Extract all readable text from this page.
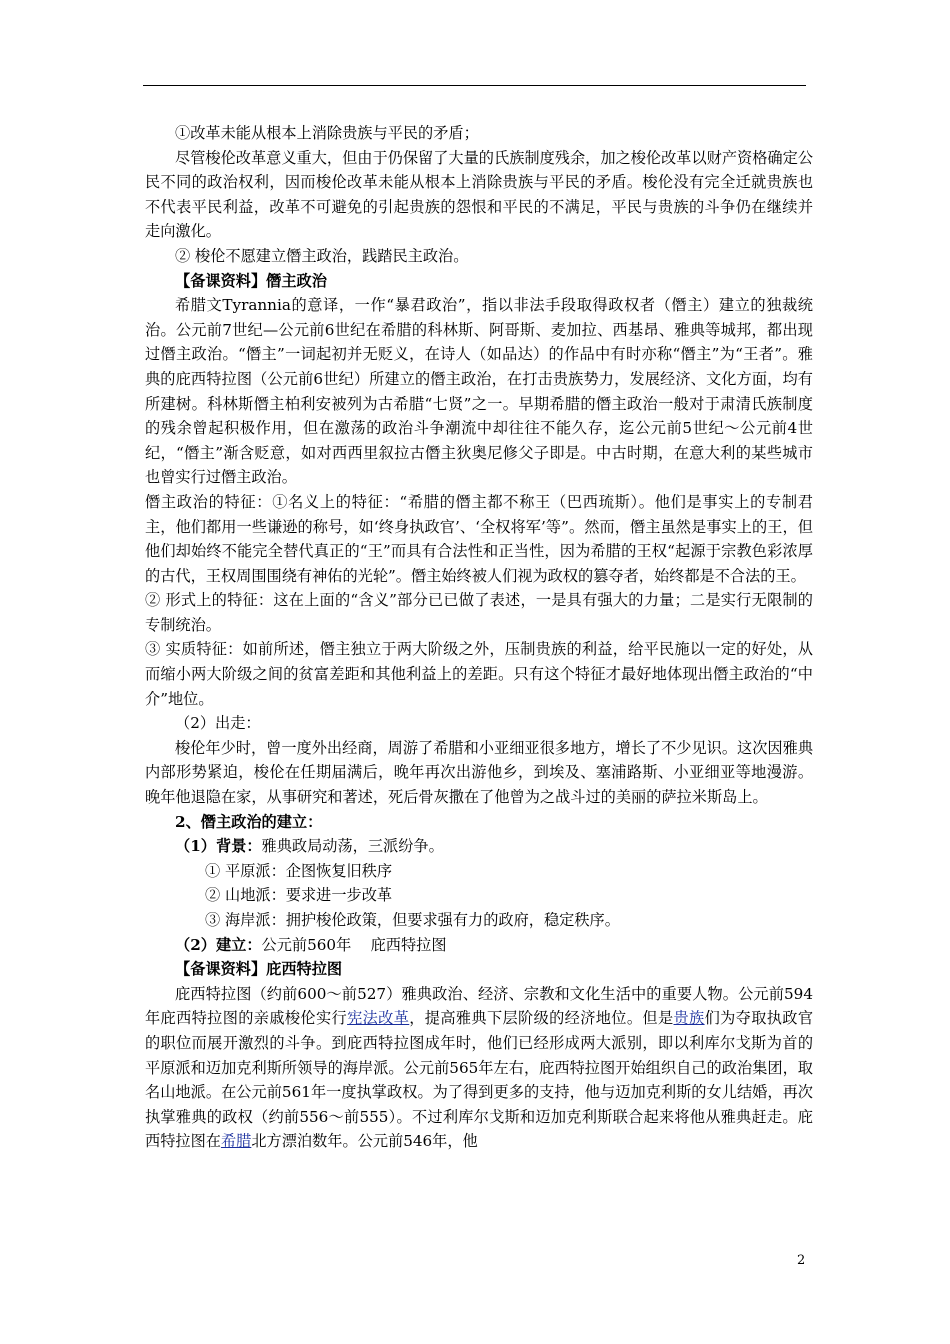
①改革未能从根本上消除贵族与平民的矛盾；

尽管梭伦改革意义重大，但由于仍保留了大量的氏族制度残余，加之梭伦改革以财产资格确定公民不同的政治权利，因而梭伦改革未能从根本上消除贵族与平民的矛盾。梭伦没有完全迁就贵族也不代表平民利益，改革不可避免的引起贵族的怨恨和平民的不满足，平民与贵族的斗争仍在继续并走向激化。

② 梭伦不愿建立僭主政治，践踏民主政治。

【备课资料】僭主政治

希腊文Tyrannia的意译，一作“暴君政治”，指以非法手段取得政权者（僭主）建立的独裁统治。公元前7世纪—公元前6世纪在希腊的科林斯、阿哥斯、麦加拉、西基昂、雅典等城邦，都出现过僭主政治。“僭主”一词起初并无贬义，在诗人（如品达）的作品中有时亦称“僭主”为“王者”。雅典的庇西特拉图（公元前6世纪）所建立的僭主政治，在打击贵族势力，发展经济、文化方面，均有所建树。科林斯僭主柏利安被列为古希腊“七贤”之一。早期希腊的僭主政治一般对于肃清氏族制度的残余曾起积极作用，但在激荡的政治斗争潮流中却往往不能久存，迄公元前5世纪～公元前4世纪，“僭主”渐含贬意，如对西西里叙拉古僭主狄奥尼修父子即是。中古时期，在意大利的某些城市也曾实行过僭主政治。

僭主政治的特征：①名义上的特征：“希腊的僭主都不称王（巴西琉斯）。他们是事实上的专制君主，他们都用一些谦逊的称号，如‘终身执政官’、‘全权将军’等”。然而，僭主虽然是事实上的王，但他们却始终不能完全替代真正的“王”而具有合法性和正当性，因为希腊的王权“起源于宗教色彩浓厚的古代，王权周围围绕有神佑的光轮”。僭主始终被人们视为政权的篡夺者，始终都是不合法的王。

② 形式上的特征：这在上面的“含义”部分已已做了表述，一是具有强大的力量；二是实行无限制的专制统治。

③ 实质特征：如前所述，僭主独立于两大阶级之外，压制贵族的利益，给平民施以一定的好处，从而缩小两大阶级之间的贫富差距和其他利益上的差距。只有这个特征才最好地体现出僭主政治的“中介”地位。

（2）出走：

梭伦年少时，曾一度外出经商，周游了希腊和小亚细亚很多地方，增长了不少见识。这次因雅典内部形势紧迫，梭伦在任期届满后，晚年再次出游他乡，到埃及、塞浦路斯、小亚细亚等地漫游。晚年他退隐在家，从事研究和著述，死后骨灰撒在了他曾为之战斗过的美丽的萨拉米斯岛上。

2、僭主政治的建立：

（1）背景：雅典政局动荡，三派纷争。

① 平原派：企图恢复旧秩序

② 山地派：要求进一步改革

③ 海岸派：拥护梭伦政策，但要求强有力的政府，稳定秩序。

（2）建立：公元前560年    庇西特拉图

【备课资料】庇西特拉图

庇西特拉图（约前600～前527）雅典政治、经济、宗教和文化生活中的重要人物。公元前594年庇西特拉图的亲戚梭伦实行宪法改革，提高雅典下层阶级的经济地位。但是贵族们为夺取执政官的职位而展开激烈的斗争。到庇西特拉图成年时，他们已经形成两大派别，即以利库尔戈斯为首的平原派和迈加克利斯所领导的海岸派。公元前565年左右，庇西特拉图开始组织自己的政治集团，取名山地派。在公元前561年一度执掌政权。为了得到更多的支持，他与迈加克利斯的女儿结婚，再次执掌雅典的政权（约前556～前555）。不过利库尔戈斯和迈加克利斯联合起来将他从雅典赶走。庇西特拉图在希腊北方漂泊数年。公元前546年，他

2
